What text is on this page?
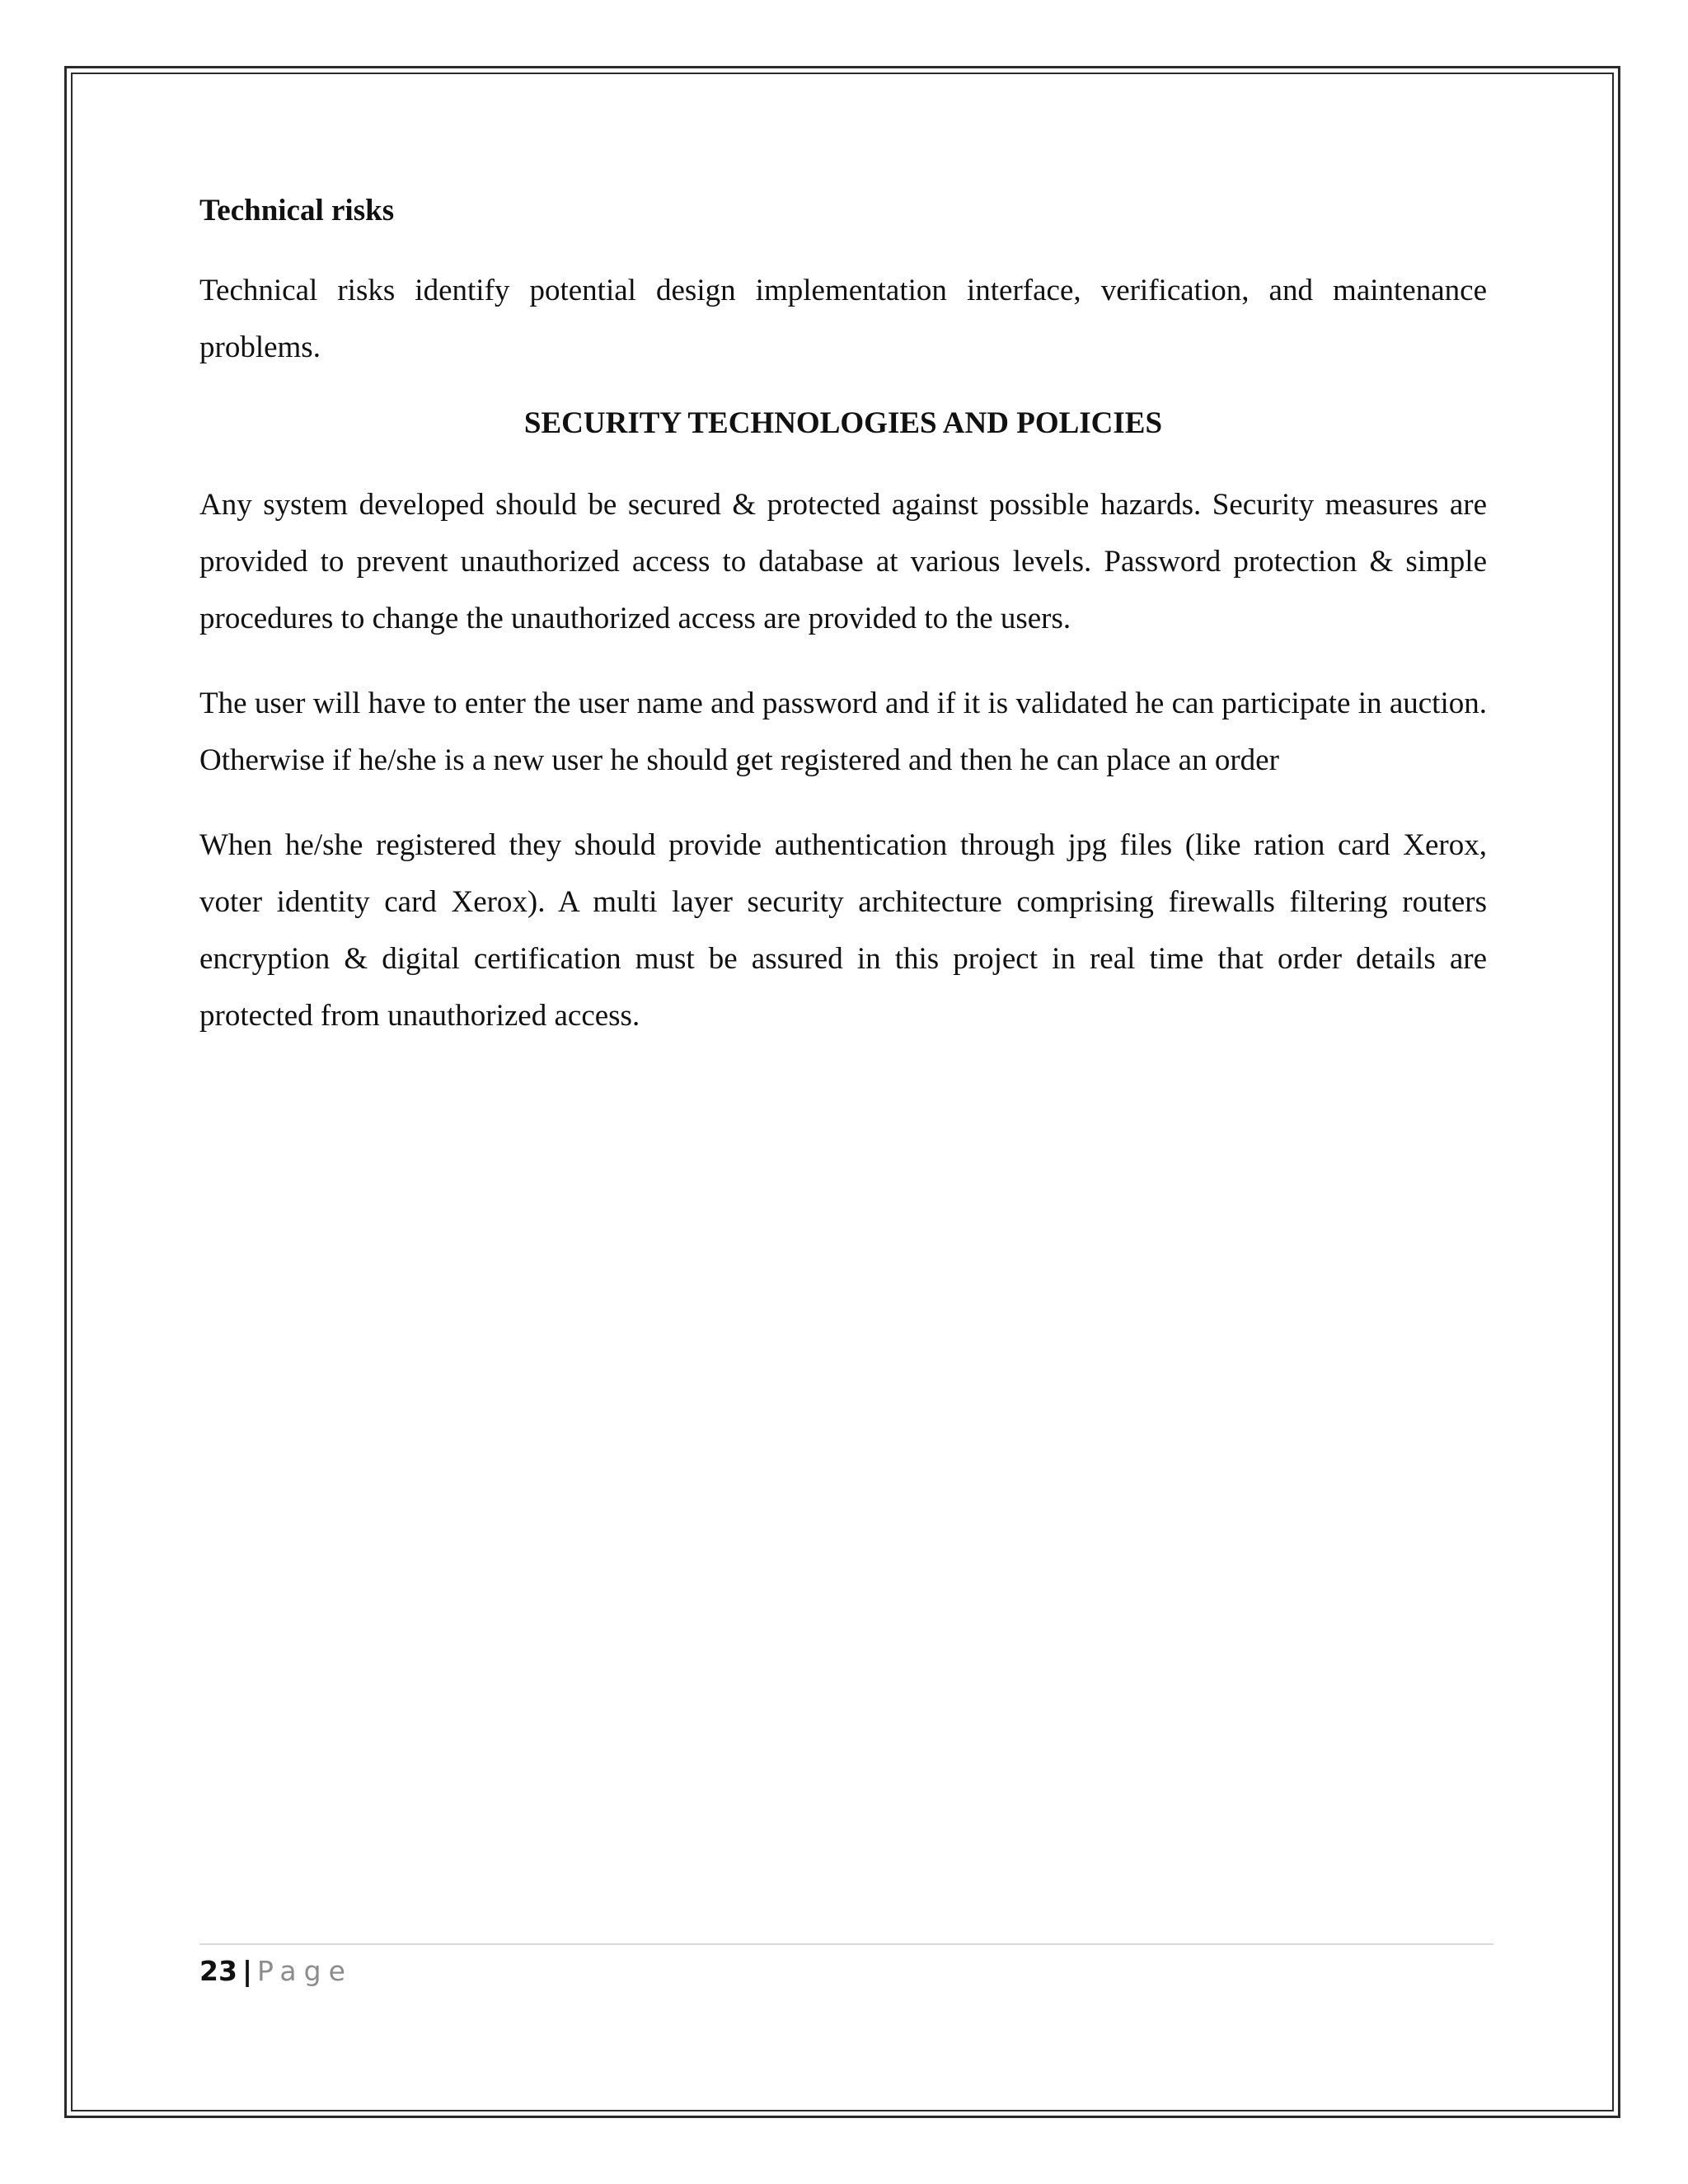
Technical risks

Technical risks identify potential design implementation interface, verification, and maintenance problems.

SECURITY TECHNOLOGIES AND POLICIES

Any system developed should be secured & protected against possible hazards. Security measures are provided to prevent unauthorized access to database at various levels. Password protection & simple procedures to change the unauthorized access are provided to the users.

The user will have to enter the user name and password and if it is validated he can participate in auction. Otherwise if he/she is a new user he should get registered and then he can place an order

When he/she registered they should provide authentication through jpg files (like ration card Xerox, voter identity card Xerox). A multi layer security architecture comprising firewalls filtering routers encryption & digital certification must be assured in this project in real time that order details are protected from unauthorized access.

23 | Page
